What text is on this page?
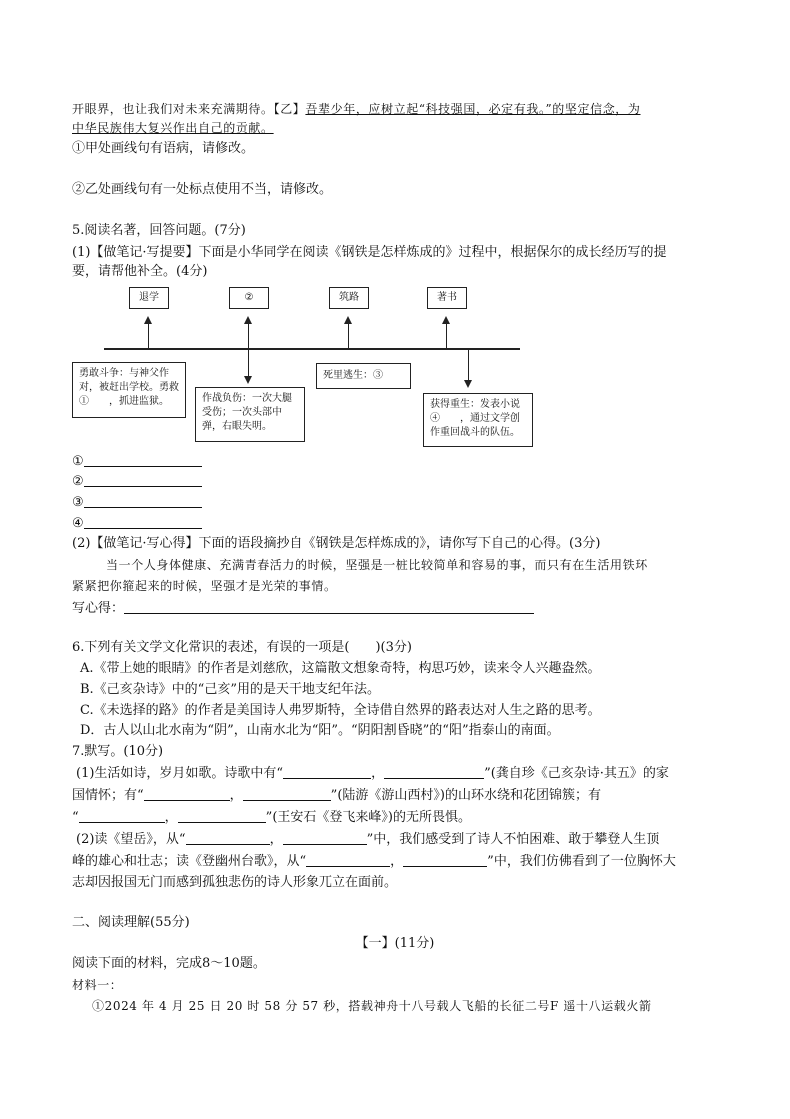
开眼界，也让我们对未来充满期待。【乙】吾辈少年，应树立起“科技强国，必定有我。”的坚定信念，为
中华民族伟大复兴作出自己的贡献。
①甲处画线句有语病，请修改。
②乙处画线句有一处标点使用不当，请修改。
5.阅读名著，回答问题。(7分)
(1)【做笔记·写提要】下面是小华同学在阅读《钢铁是怎样炼成的》过程中，根据保尔的成长经历写的提
要，请帮他补全。(4分)
退学	②	筑路	著书
勇敢斗争：与神父作对，被赶出学校。勇救①　　，抓进监狱。	作战负伤：一次大腿受伤；一次头部中弹，右眼失明。
死里逃生：③
获得重生：发表小说④　　，通过文学创作重回战斗的队伍。
①
②
③
④
(2)【做笔记·写心得】下面的语段摘抄自《钢铁是怎样炼成的》，请你写下自己的心得。(3分)
当一个人身体健康、充满青春活力的时候，坚强是一桩比较简单和容易的事，而只有在生活用铁环
紧紧把你箍起来的时候，坚强才是光荣的事情。
写心得：
6.下列有关文学文化常识的表述，有误的一项是(　　)(3分)
A.《带上她的眼睛》的作者是刘慈欣，这篇散文想象奇特，构思巧妙，读来令人兴趣盎然。
B.《己亥杂诗》中的“己亥”用的是天干地支纪年法。
C.《未选择的路》的作者是美国诗人弗罗斯特，全诗借自然界的路表达对人生之路的思考。
D．古人以山北水南为“阴”，山南水北为“阳”。“阴阳割昏晓”的“阳”指泰山的南面。
7.默写。(10分)
(1)生活如诗，岁月如歌。诗歌中有“	，	”(龚自珍《己亥杂诗·其五》的家
国情怀；有“	，	”(陆游《游山西村》)的山环水绕和花团锦簇；有
“	，	”(王安石《登飞来峰》)的无所畏惧。
(2)读《望岳》，从“	，	”中，我们感受到了诗人不怕困难、敢于攀登人生顶
峰的雄心和壮志；读《登幽州台歌》，从“	，	”中，我们仿佛看到了一位胸怀大
志却因报国无门而感到孤独悲伤的诗人形象兀立在面前。
二、阅读理解(55分)
【一】(11分)
阅读下面的材料，完成8～10题。
材料一：
①2024 年 4 月 25 日 20 时 58 分 57 秒，搭载神舟十八号载人飞船的长征二号F 遥十八运载火箭
